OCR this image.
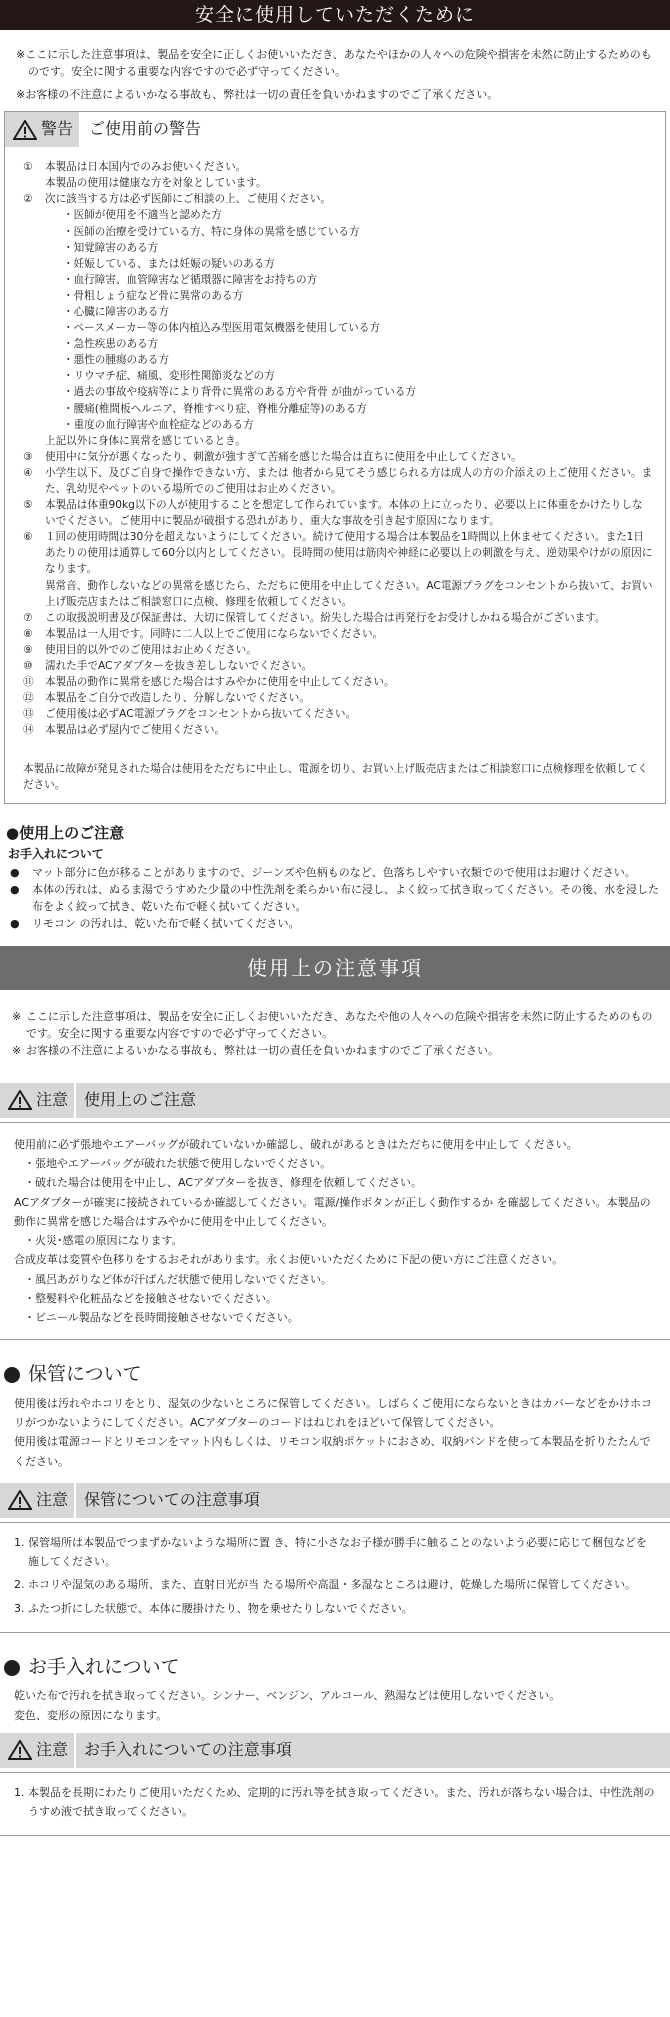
安全に使用していただくために

※ここに示した注意事項は、製品を安全に正しくお使いいただき、あなたやほかの人々への危険や損害を未然に防止するためのものです。安全に関する重要な内容ですので必ず守ってください。

※お客様の不注意によるいかなる事故も、弊社は一切の責任を負いかねますのでご了承ください。

警告	ご使用前の警告
①	本製品は日本国内でのみお使いください。
本製品の使用は健康な方を対象としています。
②	次に該当する方は必ず医師にご相談の上、ご使用ください。
・医師が使用を不適当と認めた方
・医師の治療を受けている方、特に身体の異常を感じている方
・知覚障害のある方
・妊娠している、または妊娠の疑いのある方
・血行障害、血管障害など循環器に障害をお持ちの方
・骨粗しょう症など骨に異常のある方
・心臓に障害のある方
・ペースメーカー等の体内植込み型医用電気機器を使用している方
・急性疾患のある方
・悪性の腫瘍のある方
・リウマチ症、痛風、変形性関節炎などの方
・過去の事故や疫病等により背骨に異常のある方や背骨 が曲がっている方
・腰痛(椎間板ヘルニア、脊椎すべり症、脊椎分離症等)のある方
・重度の血行障害や血栓症などのある方
上記以外に身体に異常を感じているとき。
③	使用中に気分が悪くなったり、刺激が強すぎて苦痛を感じた場合は直ちに使用を中止してください。
④	小学生以下、及びご自身で操作できない方、または 他者から見てそう感じられる方は成人の方の介添えの上ご使用ください。また、乳幼児やペットのいる場所でのご使用はお止めください。
⑤	本製品は体重90kg以下の人が使用することを想定して作られています。本体の上に立ったり、必要以上に体重をかけたりしないでください。ご使用中に製品が破損する恐れがあり、重大な事故を引き起す原因になります。
⑥	１回の使用時間は30分を超えないようにしてください。続けて使用する場合は本製品を1時間以上休ませてください。また1日あたりの使用は通算して60分以内としてください。長時間の使用は筋肉や神経に必要以上の刺激を与え、逆効果やけがの原因になります。
異常音、動作しないなどの異常を感じたら、ただちに使用を中止してください。AC電源プラグをコンセントから抜いて、お買い上げ販売店またはご相談窓口に点検、修理を依頼してください。
⑦	この取扱説明書及び保証書は、大切に保管してください。紛失した場合は再発行をお受けしかねる場合がございます。
⑧	本製品は一人用です。同時に二人以上でご使用にならないでください。
⑨	使用目的以外でのご使用はお止めください。
⑩	濡れた手でACアダプターを抜き差ししないでください。
⑪	本製品の動作に異常を感じた場合はすみやかに使用を中止してください。
⑫	本製品をご自分で改造したり、分解しないでください。
⑬	ご使用後は必ずAC電源プラグをコンセントから抜いてください。
⑭	本製品は必ず屋内でご使用ください。
本製品に故障が発見された場合は使用をただちに中止し、電源を切り、お買い上げ販売店またはご相談窓口に点検修理を依頼してください。
●使用上のご注意
お手入れについて
●	マット部分に色が移ることがありますので、ジーンズや色柄ものなど、色落ちしやすい衣類でので使用はお避けください。
●	本体の汚れは、ぬるま湯でうすめた少量の中性洗剤を柔らかい布に浸し、よく絞って拭き取ってください。その後、水を浸した布をよく絞って拭き、乾いた布で軽く拭いてください。
●	リモコン の汚れは、乾いた布で軽く拭いてください。
使用上の注意事項
※ ここに示した注意事項は、製品を安全に正しくお使いいただき、あなたや他の人々への危険や損害を未然に防止するためのものです。安全に関する重要な内容ですので必ず守ってください。
※ お客様の不注意によるいかなる事故も、弊社は一切の責任を負いかねますのでご了承ください。
注意	使用上のご注意
使用前に必ず張地やエアーバッグが破れていないか確認し、破れがあるときはただちに使用を中止して ください。
・張地やエアーバッグが破れた状態で使用しないでください。
・破れた場合は使用を中止し、ACアダプターを抜き、修理を依頼してください。
ACアダプターが確実に接続されているか確認してください。電源/操作ボタンが正しく動作するか を確認してください。本製品の動作に異常を感じた場合はすみやかに使用を中止してください。
・火災･感電の原因になります。
合成皮革は変質や色移りをするおそれがあります。永くお使いいただくために下記の使い方にご注意ください。
・風呂あがりなど体が汗ばんだ状態で使用しないでください。
・整髪料や化粧品などを接触させないでください。
・ビニール製品などを長時間接触させないでください。
保管について
使用後は汚れやホコリをとり、湿気の少ないところに保管してください。しばらくご使用にならないときはカバーなどをかけホコリがつかないようにしてください。ACアダプターのコードはねじれをほどいて保管してください。
使用後は電源コードとリモコンをマット内もしくは、リモコン収納ポケットにおさめ、収納バンドを使って本製品を折りたたんでください。
注意	保管についての注意事項
1. 保管場所は本製品でつまずかないような場所に置 き、特に小さなお子様が勝手に触ることのないよう必要に応じて梱包などを施してください。
2. ホコリや湿気のある場所、また、直射日光が当 たる場所や高温・多湿なところは避け、乾燥した場所に保管してください。
3. ふたつ折にした状態で、本体に腰掛けたり、物を乗せたりしないでください。
お手入れについて
乾いた布で汚れを拭き取ってください。シンナー、ベンジン、アルコール、熱湯などは使用しないでください。
変色、変形の原因になります。
注意	お手入れについての注意事項
1. 本製品を長期にわたりご使用いただくため、定期的に汚れ等を拭き取ってください。また、汚れが落ちない場合は、中性洗剤のうすめ液で拭き取ってください。
